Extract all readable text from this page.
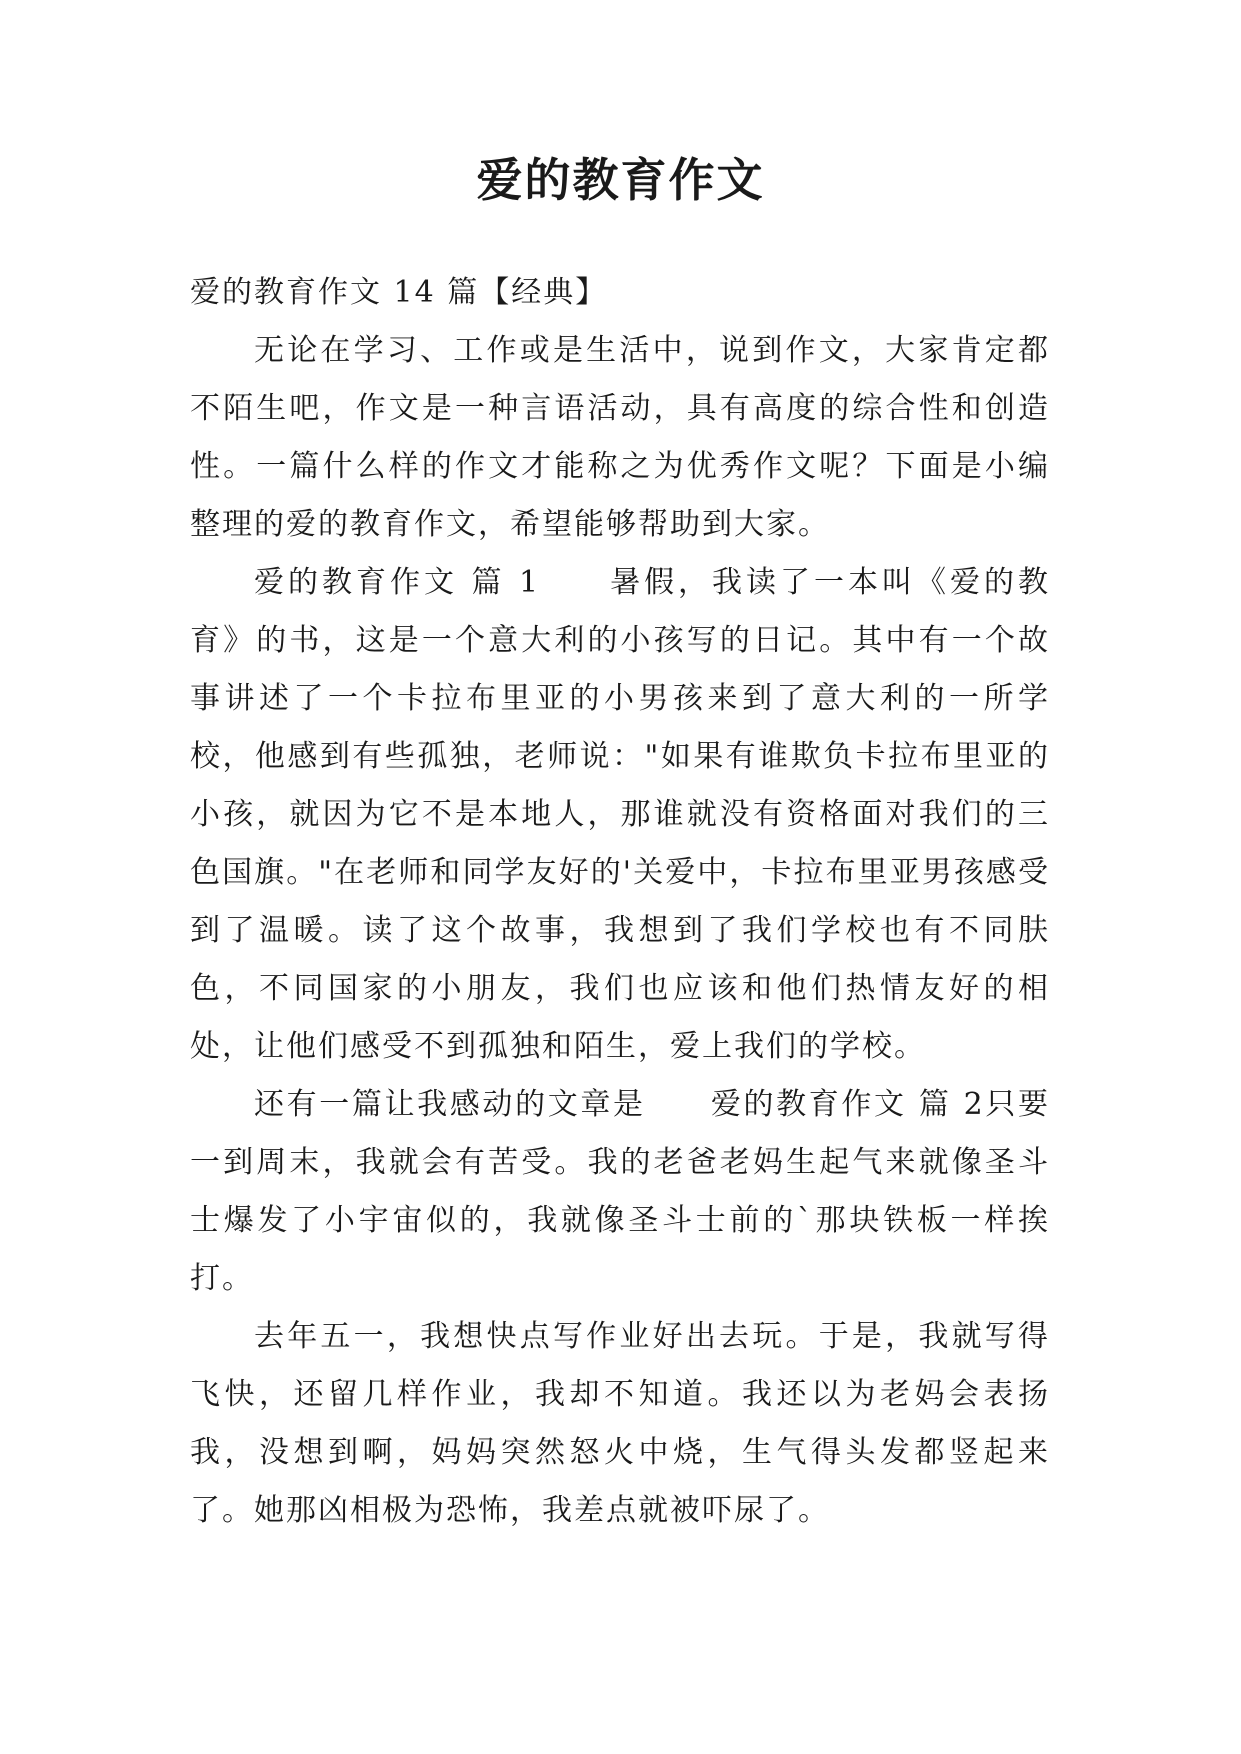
爱的教育作文

爱的教育作文 14 篇【经典】

无论在学习、工作或是生活中，说到作文，大家肯定都不陌生吧，作文是一种言语活动，具有高度的综合性和创造性。一篇什么样的作文才能称之为优秀作文呢？下面是小编整理的爱的教育作文，希望能够帮助到大家。

爱的教育作文 篇 1　　暑假，我读了一本叫《爱的教育》的书，这是一个意大利的小孩写的日记。其中有一个故事讲述了一个卡拉布里亚的小男孩来到了意大利的一所学校，他感到有些孤独，老师说："如果有谁欺负卡拉布里亚的小孩，就因为它不是本地人，那谁就没有资格面对我们的三色国旗。"在老师和同学友好的'关爱中，卡拉布里亚男孩感受到了温暖。读了这个故事，我想到了我们学校也有不同肤色，不同国家的小朋友，我们也应该和他们热情友好的相处，让他们感受不到孤独和陌生，爱上我们的学校。

还有一篇让我感动的文章是　　爱的教育作文 篇 2只要一到周末，我就会有苦受。我的老爸老妈生起气来就像圣斗士爆发了小宇宙似的，我就像圣斗士前的`那块铁板一样挨打。

去年五一，我想快点写作业好出去玩。于是，我就写得飞快，还留几样作业，我却不知道。我还以为老妈会表扬我，没想到啊，妈妈突然怒火中烧，生气得头发都竖起来了。她那凶相极为恐怖，我差点就被吓尿了。
